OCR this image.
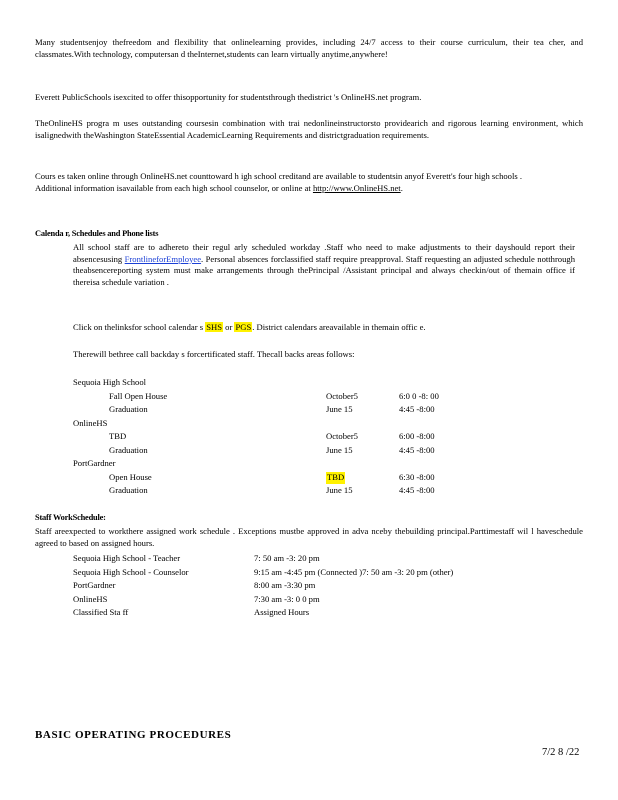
Many studentsenjoy thefreedom and flexibility that onlinelearning provides, including 24/7 access to their course curriculum, their tea cher, and classmates.With technology, computersan d theInternet,students can learn virtually anytime,anywhere!
Everett PublicSchools isexcited to offer thisopportunity for studentsthrough thedistrict 's OnlineHS.net program.
TheOnlineHS progra m uses outstanding coursesin combination with trai nedonlineinstructorsto providearich and rigorous learning environment, which isalignedwith theWashington StateEssential AcademicLearning Requirements and districtgraduation requirements.
Cours es taken online through OnlineHS.net counttoward h igh school creditand are available to studentsin anyof Everett's four high schools .
Additional information isavailable from each high school counselor, or online at http://www.OnlineHS.net.
Calenda r, Schedules and Phone lists
All school staff are to adhereto their regul arly scheduled workday .Staff who need to make adjustments to their dayshould report their absencesusing FrontlineforEmployee. Personal absences forclassified staff require preapproval. Staff requesting an adjusted schedule notthrough theabsencereporting system must make arrangements through thePrincipal /Assistant principal and always checkin/out of themain office if thereisa schedule variation .
Click on thelinksfor school calendar s SHS or PGS. District calendars areavailable in themain offic e.
Therewill bethree call backday s forcertificated staff. Thecall backs areas follows:
Sequoia High School
Fall Open House	October5	6:0 0 -8: 00
Graduation	June 15	4:45 -8:00
OnlineHS
TBD	October5	6:00 -8:00
Graduation	June 15	4:45 -8:00
PortGardner
Open House	TBD	6:30 -8:00
Graduation	June 15	4:45 -8:00
Staff WorkSchedule:
Staff areexpected to workthere assigned work schedule . Exceptions mustbe approved in adva nceby thebuilding principal.Parttimestaff wil l haveschedule agreed to based on assigned hours.
Sequoia High School - Teacher	7: 50 am -3: 20 pm
Sequoia High School - Counselor	9:15 am -4:45 pm (Connected )7: 50 am -3: 20 pm (other)
PortGardner	8:00 am -3:30 pm
OnlineHS	7:30 am -3: 0 0 pm
Classified Sta ff	Assigned Hours
BASIC OPERATING PROCEDURES
7/2 8 /22
